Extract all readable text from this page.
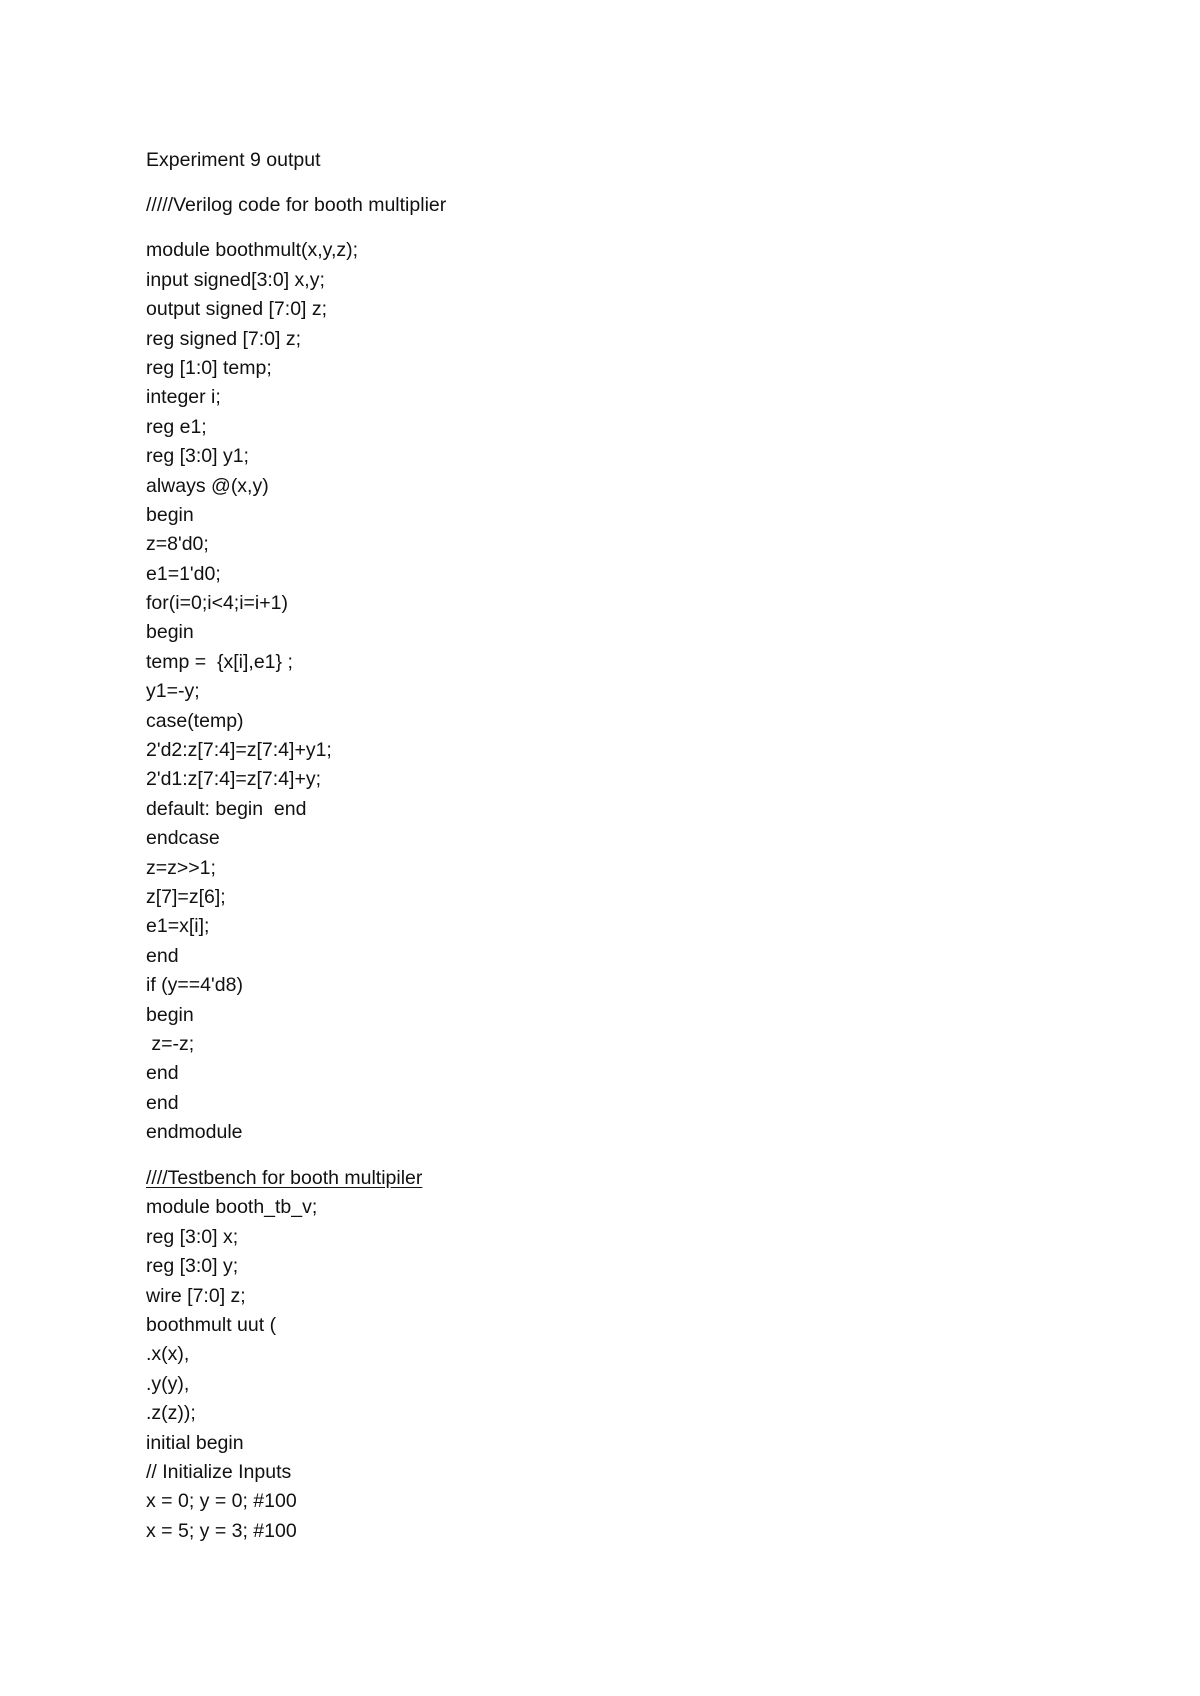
Experiment 9 output
/////Verilog code for booth multiplier
module boothmult(x,y,z);
input signed[3:0] x,y;
output signed [7:0] z;
reg signed [7:0] z;
reg [1:0] temp;
integer i;
reg e1;
reg [3:0] y1;
always @(x,y)
begin
z=8'd0;
e1=1'd0;
for(i=0;i<4;i=i+1)
begin
temp =  {x[i],e1} ;
y1=-y;
case(temp)
2'd2:z[7:4]=z[7:4]+y1;
2'd1:z[7:4]=z[7:4]+y;
default: begin  end
endcase
z=z>>1;
z[7]=z[6];
e1=x[i];
end
if (y==4'd8)
begin
z=-z;
end
end
endmodule
////Testbench for booth multipiler
module booth_tb_v;
reg [3:0] x;
reg [3:0] y;
wire [7:0] z;
boothmult uut (
.x(x),
.y(y),
.z(z));
initial begin
// Initialize Inputs
x = 0; y = 0; #100
x = 5; y = 3; #100
